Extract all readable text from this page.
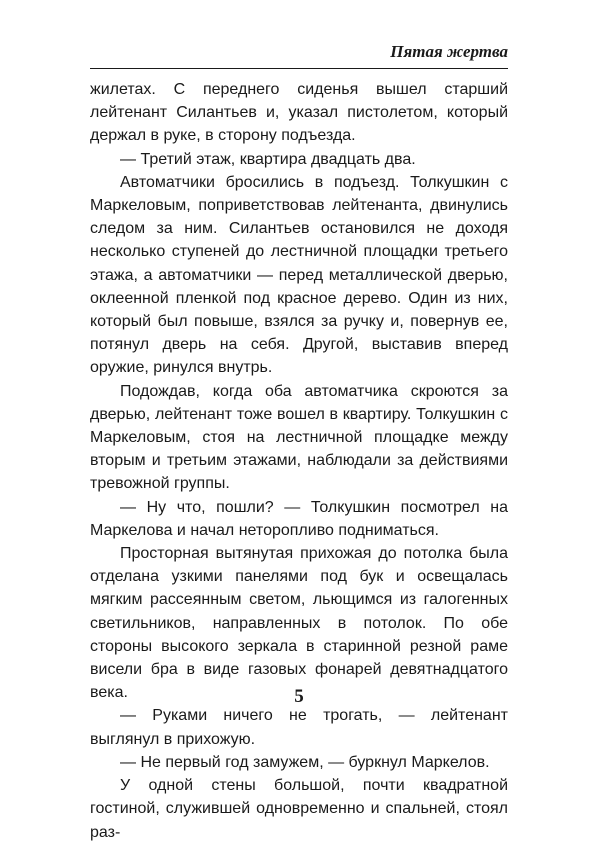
Пятая жертва

жилетах. С переднего сиденья вышел старший лейтенант Силантьев и, указал пистолетом, который держал в руке, в сторону подъезда.

— Третий этаж, квартира двадцать два.

Автоматчики бросились в подъезд. Толкушкин с Маркеловым, поприветствовав лейтенанта, двинулись следом за ним. Силантьев остановился не доходя несколько ступеней до лестничной площадки третьего этажа, а автоматчики — перед металлической дверью, оклеенной пленкой под красное дерево. Один из них, который был повыше, взялся за ручку и, повернув ее, потянул дверь на себя. Другой, выставив вперед оружие, ринулся внутрь.

Подождав, когда оба автоматчика скроются за дверью, лейтенант тоже вошел в квартиру. Толкушкин с Маркеловым, стоя на лестничной площадке между вторым и третьим этажами, наблюдали за действиями тревожной группы.

— Ну что, пошли? — Толкушкин посмотрел на Маркелова и начал неторопливо подниматься.

Просторная вытянутая прихожая до потолка была отделана узкими панелями под бук и освещалась мягким рассеянным светом, льющимся из галогенных светильников, направленных в потолок. По обе стороны высокого зеркала в старинной резной раме висели бра в виде газовых фонарей девятнадцатого века.

— Руками ничего не трогать, — лейтенант выглянул в прихожую.

— Не первый год замужем, — буркнул Маркелов.

У одной стены большой, почти квадратной гостиной, служившей одновременно и спальней, стоял раз-

5
